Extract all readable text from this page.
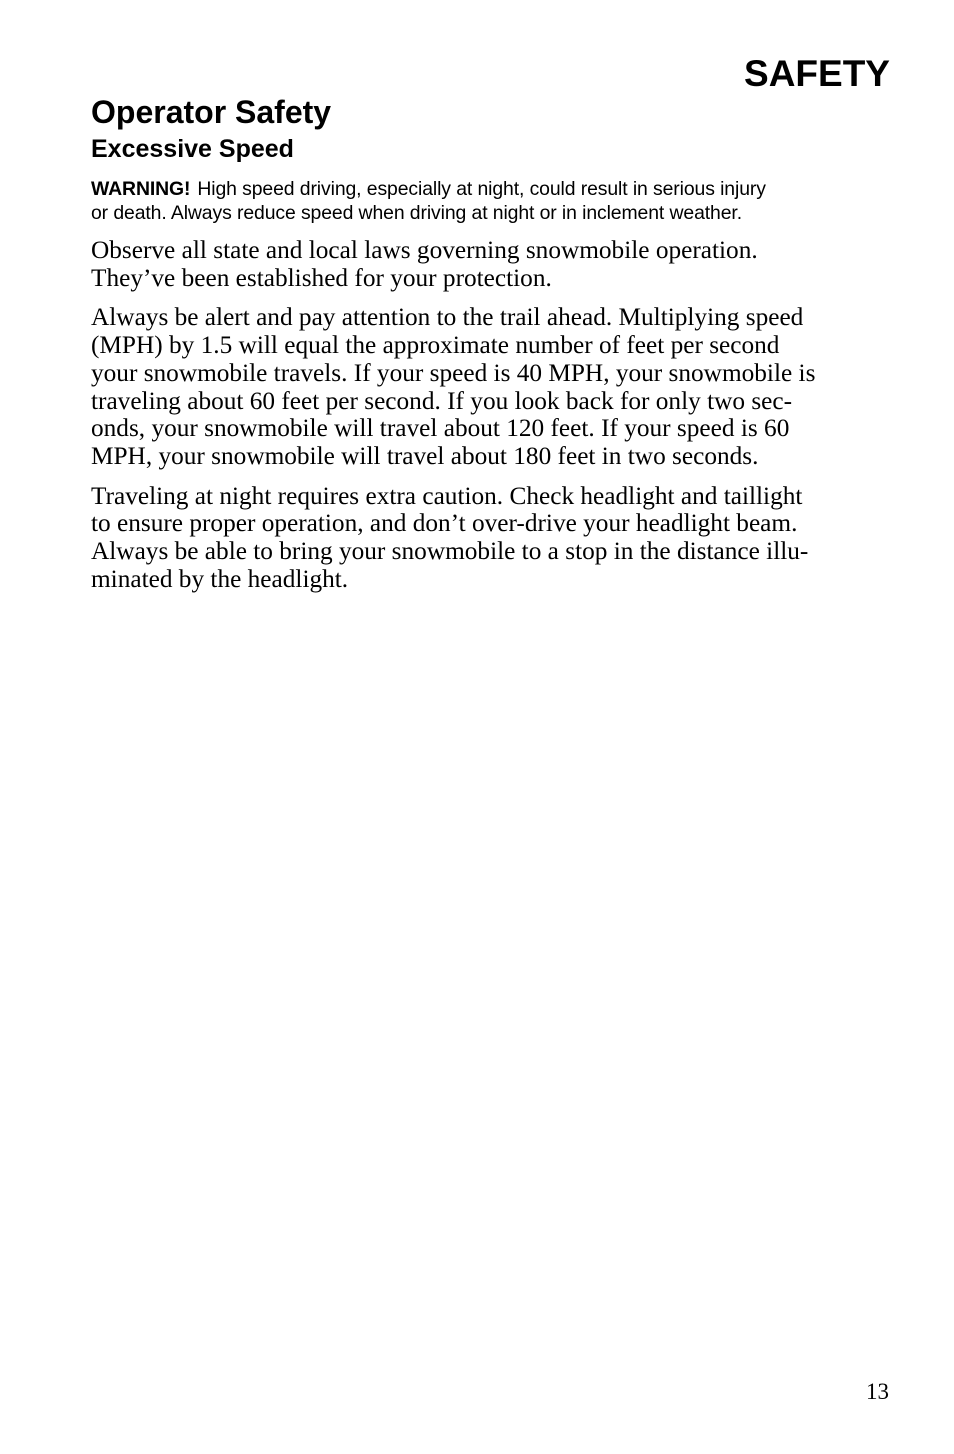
SAFETY
Operator Safety
Excessive Speed
WARNING! High speed driving, especially at night, could result in serious injury
or death. Always reduce speed when driving at night or in inclement weather.

Observe all state and local laws governing snowmobile operation.
They’ve been established for your protection.

Always be alert and pay attention to the trail ahead. Multiplying speed
(MPH) by 1.5 will equal the approximate number of feet per second
your snowmobile travels. If your speed is 40 MPH, your snowmobile is
traveling about 60 feet per second. If you look back for only two sec-
onds, your snowmobile will travel about 120 feet. If your speed is 60
MPH, your snowmobile will travel about 180 feet in two seconds.

Traveling at night requires extra caution. Check headlight and taillight
to ensure proper operation, and don’t over-drive your headlight beam.
Always be able to bring your snowmobile to a stop in the distance illu-
minated by the headlight.

13
